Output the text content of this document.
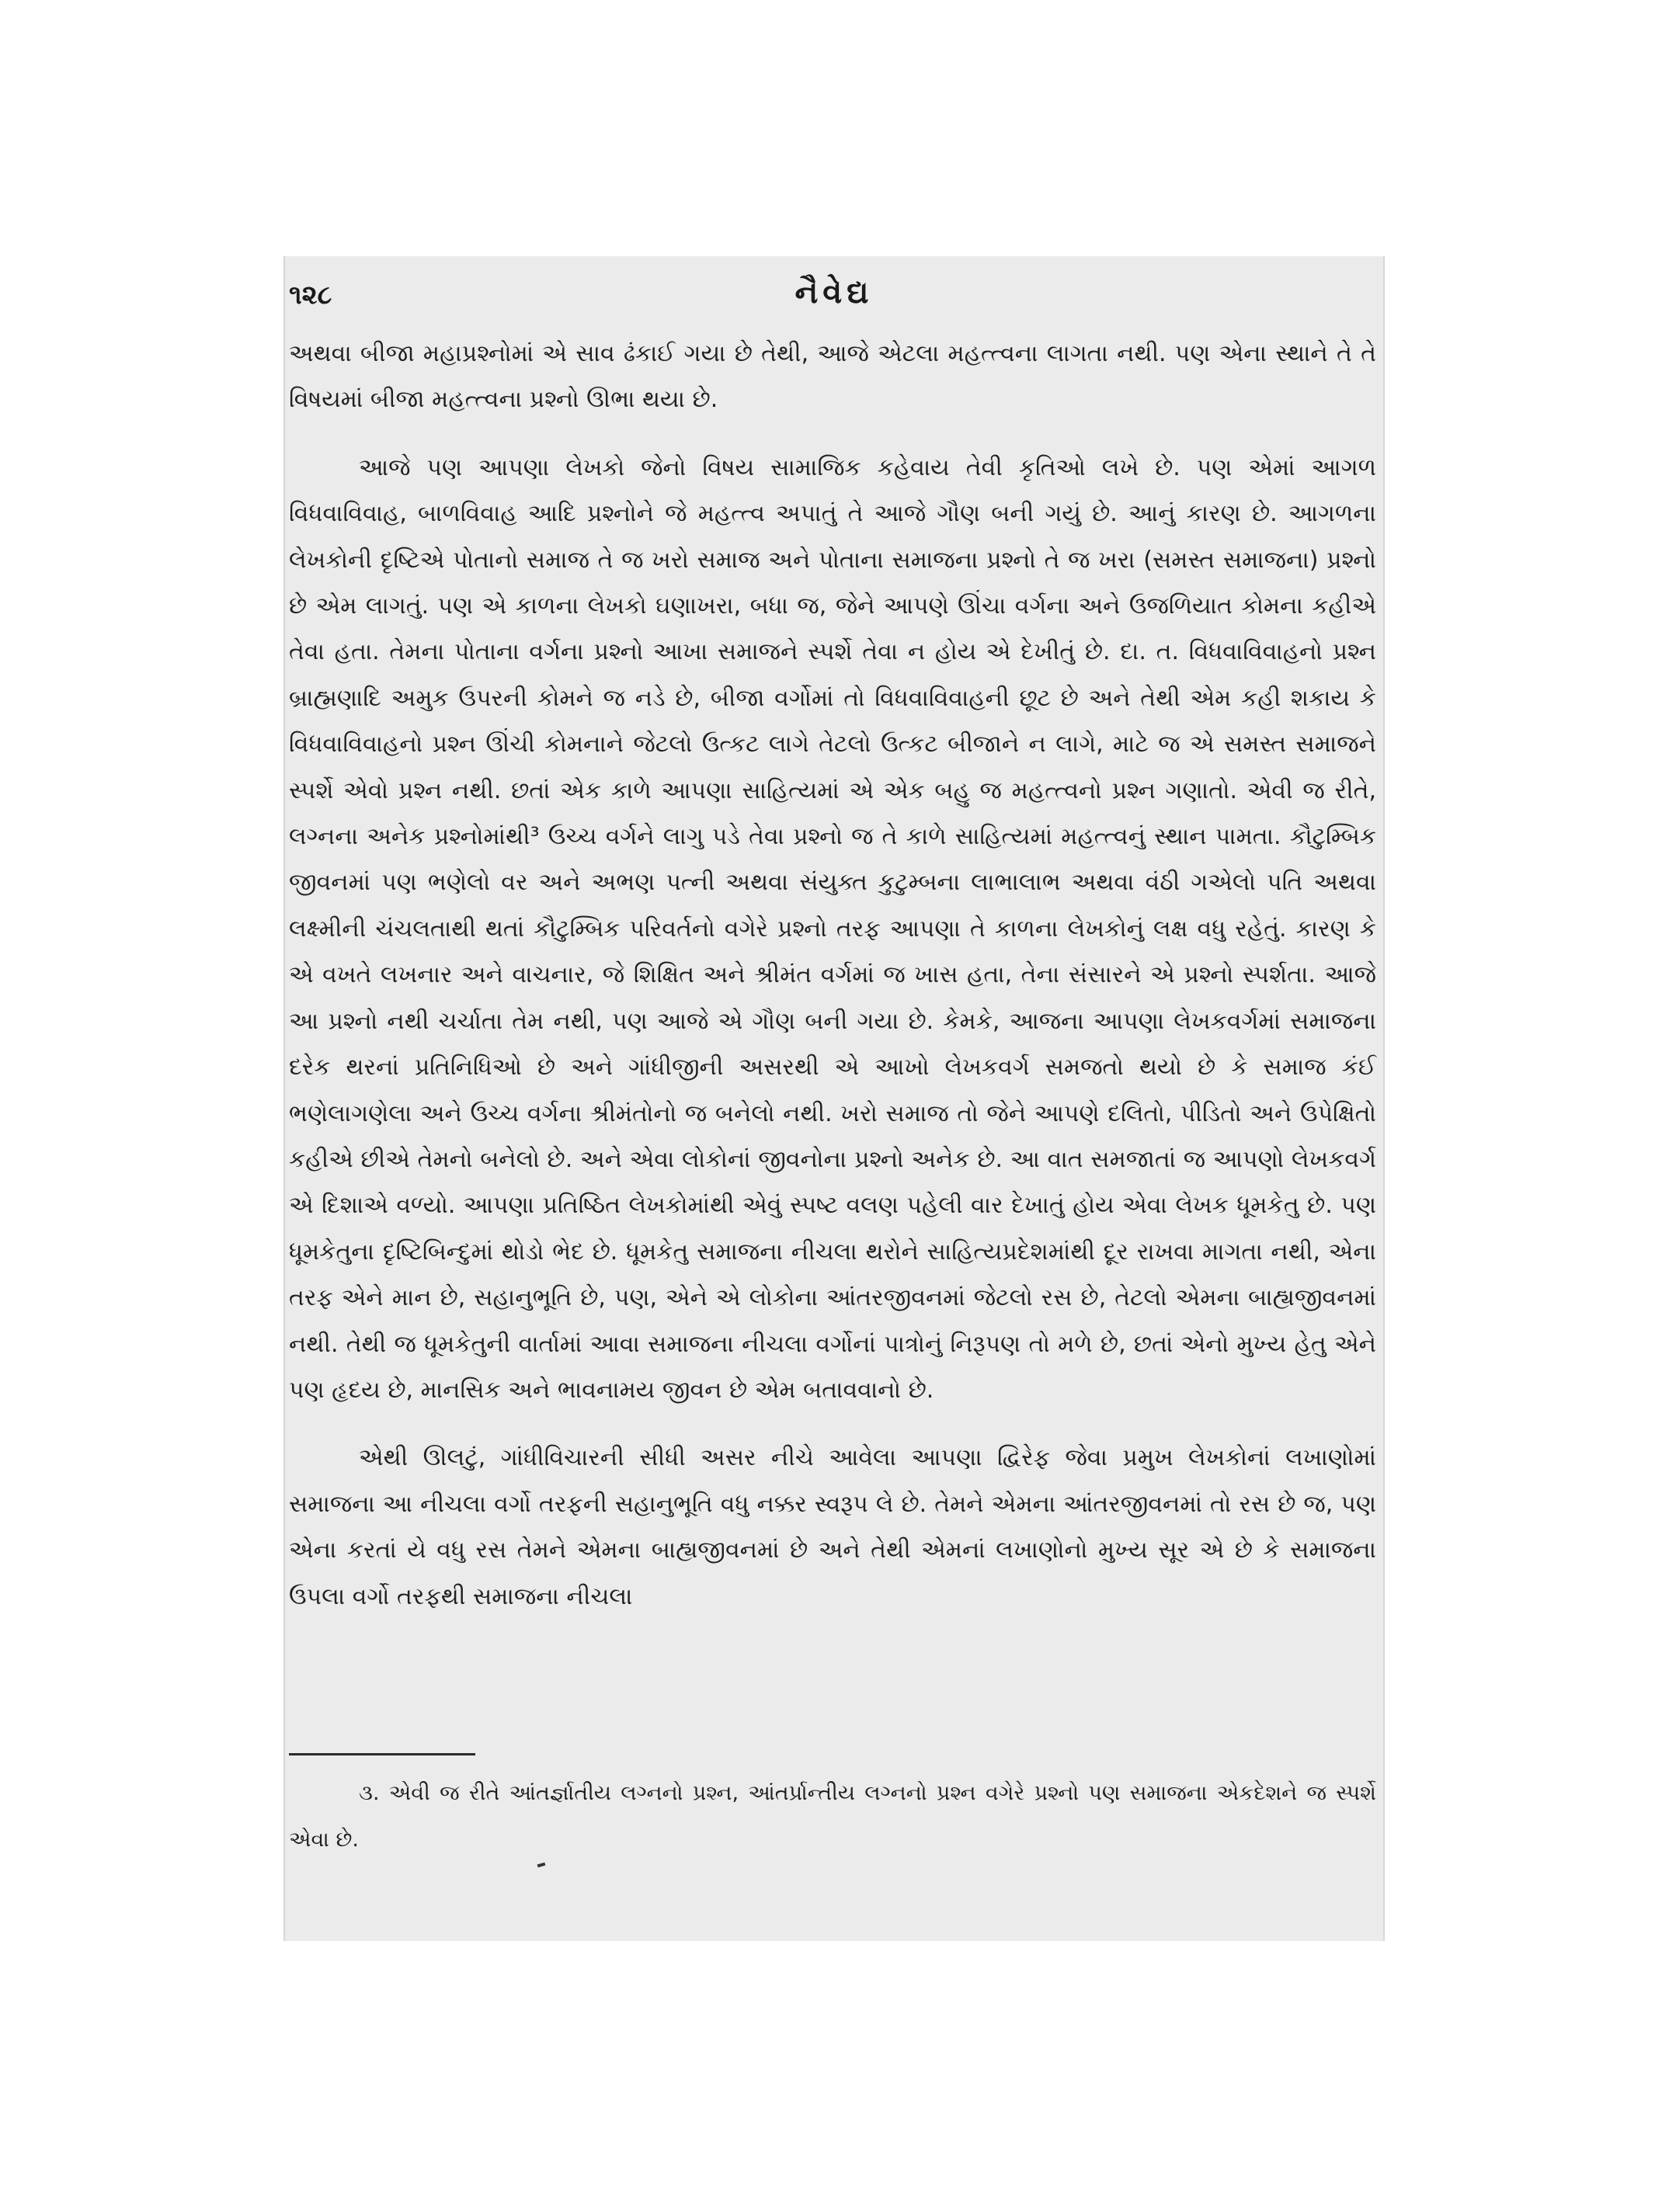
૧૨૮	નૈવેદ્ય

અથવા બીજા મહાપ્રશ્નોમાં એ સાવ ઢંકાઈ ગયા છે તેથી, આજે એટલા મહત્ત્વના લાગતા નથી. પણ એના સ્થાને તે તે વિષયમાં બીજા મહત્ત્વના પ્રશ્નો ઊભા થયા છે.

આજે પણ આપણા લેખકો જેનો વિષય સામાજિક કહેવાય તેવી કૃતિઓ લખે છે. પણ એમાં આગળ વિધવાવિવાહ, બાળવિવાહ આદિ પ્રશ્નોને જે મહત્ત્વ અપાતું તે આજે ગૌણ બની ગયું છે. આનું કારણ છે. આગળના લેખકોની દૃષ્ટિએ પોતાનો સમાજ તે જ ખરો સમાજ અને પોતાના સમાજના પ્રશ્નો તે જ ખરા (સમસ્ત સમાજના) પ્રશ્નો છે એમ લાગતું. પણ એ કાળના લેખકો ઘણાખરા, બધા જ, જેને આપણે ઊંચા વર્ગના અને ઉજળિયાત કોમના કહીએ તેવા હતા. તેમના પોતાના વર્ગના પ્રશ્નો આખા સમાજને સ્પર્શે તેવા ન હોય એ દેખીતું છે. દા. ત. વિધવાવિવાહનો પ્રશ્ન બ્રાહ્મણાદિ અમુક ઉપરની કોમને જ નડે છે, બીજા વર્ગોમાં તો વિધવાવિવાહની છૂટ છે અને તેથી એમ કહી શકાય કે વિધવાવિવાહનો પ્રશ્ન ઊંચી કોમનાને જેટલો ઉત્કટ લાગે તેટલો ઉત્કટ બીજાને ન લાગે, માટે જ એ સમસ્ત સમાજને સ્પર્શે એવો પ્રશ્ન નથી. છતાં એક કાળે આપણા સાહિત્યમાં એ એક બહુ જ મહત્ત્વનો પ્રશ્ન ગણાતો. એવી જ રીતે, લગ્નના અનેક પ્રશ્નોમાંથી³ ઉચ્ચ વર્ગને લાગુ પડે તેવા પ્રશ્નો જ તે કાળે સાહિત્યમાં મહત્ત્વનું સ્થાન પામતા. કૌટુમ્બિક જીવનમાં પણ ભણેલો વર અને અભણ પત્ની અથવા સંયુક્ત કુટુમ્બના લાભાલાભ અથવા વંઠી ગએલો પતિ અથવા લક્ષ્મીની ચંચલતાથી થતાં કૌટુમ્બિક પરિવર્તનો વગેરે પ્રશ્નો તરફ આપણા તે કાળના લેખકોનું લક્ષ વધુ રહેતું. કારણ કે એ વખતે લખનાર અને વાચનાર, જે શિક્ષિત અને શ્રીમંત વર્ગમાં જ ખાસ હતા, તેના સંસારને એ પ્રશ્નો સ્પર્શતા. આજે આ પ્રશ્નો નથી ચર્ચાતા તેમ નથી, પણ આજે એ ગૌણ બની ગયા છે. કેમકે, આજના આપણા લેખકવર્ગમાં સમાજના દરેક થરનાં પ્રતિનિધિઓ છે અને ગાંધીજીની અસરથી એ આખો લેખકવર્ગ સમજતો થયો છે કે સમાજ કંઈ ભણેલાગણેલા અને ઉચ્ચ વર્ગના શ્રીમંતોનો જ બનેલો નથી. ખરો સમાજ તો જેને આપણે દલિતો, પીડિતો અને ઉપેક્ષિતો કહીએ છીએ તેમનો બનેલો છે. અને એવા લોકોનાં જીવનોના પ્રશ્નો અનેક છે. આ વાત સમજાતાં જ આપણો લેખકવર્ગ એ દિશાએ વળ્યો. આપણા પ્રતિષ્ઠિત લેખકોમાંથી એવું સ્પષ્ટ વલણ પહેલી વાર દેખાતું હોય એવા લેખક ધૂમકેતુ છે. પણ ધૂમકેતુના દૃષ્ટિબિન્દુમાં થોડો ભેદ છે. ધૂમકેતુ સમાજના નીચલા થરોને સાહિત્યપ્રદેશમાંથી દૂર રાખવા માગતા નથી, એના તરફ એને માન છે, સહાનુભૂતિ છે, પણ, એને એ લોકોના આંતરજીવનમાં જેટલો રસ છે, તેટલો એમના બાહ્યજીવનમાં નથી. તેથી જ ધૂમકેતુની વાર્તામાં આવા સમાજના નીચલા વર્ગોનાં પાત્રોનું નિરૂપણ તો મળે છે, છતાં એનો મુખ્ય હેતુ એને પણ હૃદય છે, માનસિક અને ભાવનામય જીવન છે એમ બતાવવાનો છે.

એથી ઊલટું, ગાંધીવિચારની સીધી અસર નીચે આવેલા આપણા દ્વિરેફ જેવા પ્રમુખ લેખકોનાં લખાણોમાં સમાજના આ નીચલા વર્ગો તરફની સહાનુભૂતિ વધુ નક્કર સ્વરૂપ લે છે. તેમને એમના આંતરજીવનમાં તો રસ છે જ, પણ એના કરતાં યે વધુ રસ તેમને એમના બાહ્યજીવનમાં છે અને તેથી એમનાં લખાણોનો મુખ્ય સૂર એ છે કે સમાજના ઉપલા વર્ગો તરફથી સમાજના નીચલા

૩. એવી જ રીતે આંતર્જ્ઞાતીય લગ્નનો પ્રશ્ન, આંતર્પ્રાન્તીય લગ્નનો પ્રશ્ન વગેરે પ્રશ્નો પણ સમાજના એકદેશને જ સ્પર્શે એવા છે.
